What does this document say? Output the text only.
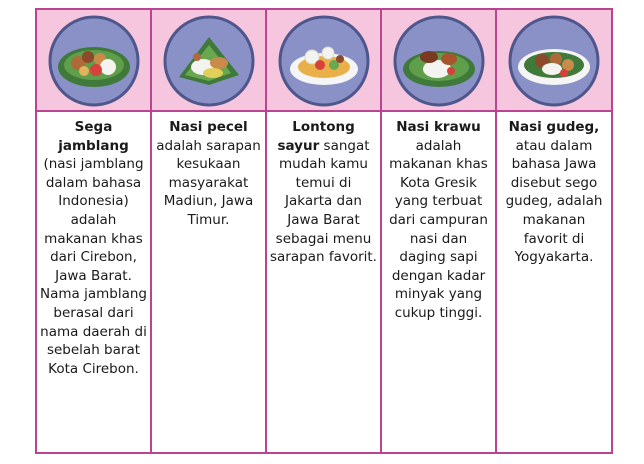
Sega jamblang (nasi jamblang dalam bahasa Indonesia) adalah makanan khas dari Cirebon, Jawa Barat. Nama jamblang berasal dari nama daerah di sebelah barat Kota Cirebon.	Nasi pecel adalah sarapan kesukaan masyarakat Madiun, Jawa Timur.	Lontong sayur sangat mudah kamu temui di Jakarta dan Jawa Barat sebagai menu sarapan favorit.	Nasi krawu adalah makanan khas Kota Gresik yang terbuat dari campuran nasi dan daging sapi dengan kadar minyak yang cukup tinggi.	Nasi gudeg, atau dalam bahasa Jawa disebut sego gudeg, adalah makanan favorit di Yogyakarta.
